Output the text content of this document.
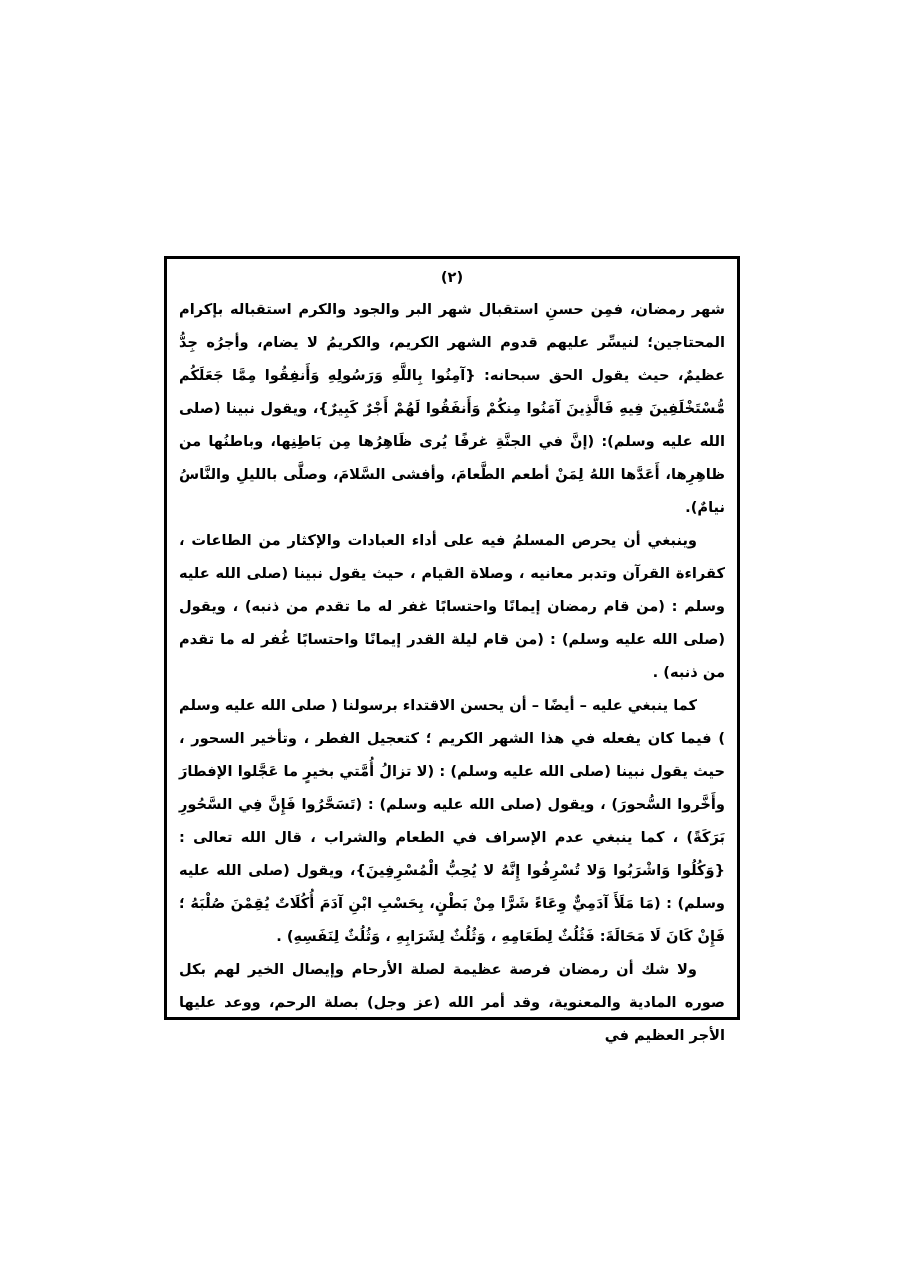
(٢)

شهر رمضان، فمِن حسنِ استقبال شهر البر والجود والكرم استقباله بإكرام المحتاجين؛ لنيسِّر عليهم قدوم الشهر الكريم، والكريمُ لا يضام، وأجرُه جِدُّ عظيمٌ، حيث يقول الحق سبحانه: {آمِنُوا بِاللَّهِ وَرَسُولِهِ وَأَنفِقُوا مِمَّا جَعَلَكُم مُّسْتَخْلَفِينَ فِيهِ فَالَّذِينَ آمَنُوا مِنكُمْ وَأَنفَقُوا لَهُمْ أَجْرٌ كَبِيرٌ}، ويقول نبينا (صلى الله عليه وسلم): (إنَّ في الجنَّةِ غرفًا يُرى ظَاهِرُها مِن بَاطِنِها، وباطنُها من ظاهِرِها، أَعَدَّها اللهُ لِمَنْ أطعم الطَّعامَ، وأفشى السَّلامَ، وصلَّى بالليلِ والنَّاسُ نيامٌ).

وينبغي أن يحرص المسلمُ فيه على أداء العبادات والإكثار من الطاعات ، كقراءة القرآن وتدبر معانيه ، وصلاة القيام ، حيث يقول نبينا (صلى الله عليه وسلم : (من قام رمضان إيمانًا واحتسابًا غفر له ما تقدم من ذنبه) ، ويقول (صلى الله عليه وسلم) : (من قام ليلة القدر إيمانًا واحتسابًا غُفر له ما تقدم من ذنبه) .

كما ينبغي عليه – أيضًا – أن يحسن الاقتداء برسولنا ( صلى الله عليه وسلم ) فيما كان يفعله في هذا الشهر الكريم ؛ كتعجيل الفطر ، وتأخير السحور ، حيث يقول نبينا (صلى الله عليه وسلم) : (لا تزالُ أُمَّتي بخيرٍ ما عَجَّلوا الإفطارَ وأَخَّروا السُّحورَ) ، ويقول (صلى الله عليه وسلم) : (تَسَحَّرُوا فَإِنَّ فِي السَّحُورِ بَرَكَةً) ، كما ينبغي عدم الإسراف في الطعام والشراب ، قال الله تعالى : {وَكُلُوا وَاشْرَبُوا وَلا تُسْرِفُوا إِنَّهُ لا يُحِبُّ الْمُسْرِفِينَ}، ويقول (صلى الله عليه وسلم) : (مَا مَلَأَ آدَمِيٌّ وِعَاءً شَرًّا مِنْ بَطْنٍ، بِحَسْبِ ابْنِ آدَمَ أُكُلَاتٌ يُقِمْنَ صُلْبَهُ ؛ فَإِنْ كَانَ لَا مَحَالَةَ: فَثُلُثٌ لِطَعَامِهِ ، وَثُلُثٌ لِشَرَابِهِ ، وَثُلُثٌ لِنَفَسِهِ) .

ولا شك أن رمضان فرصة عظيمة لصلة الأرحام وإيصال الخير لهم بكل صوره المادية والمعنوية، وقد أمر الله (عز وجل) بصلة الرحم، ووعد عليها الأجر العظيم في
